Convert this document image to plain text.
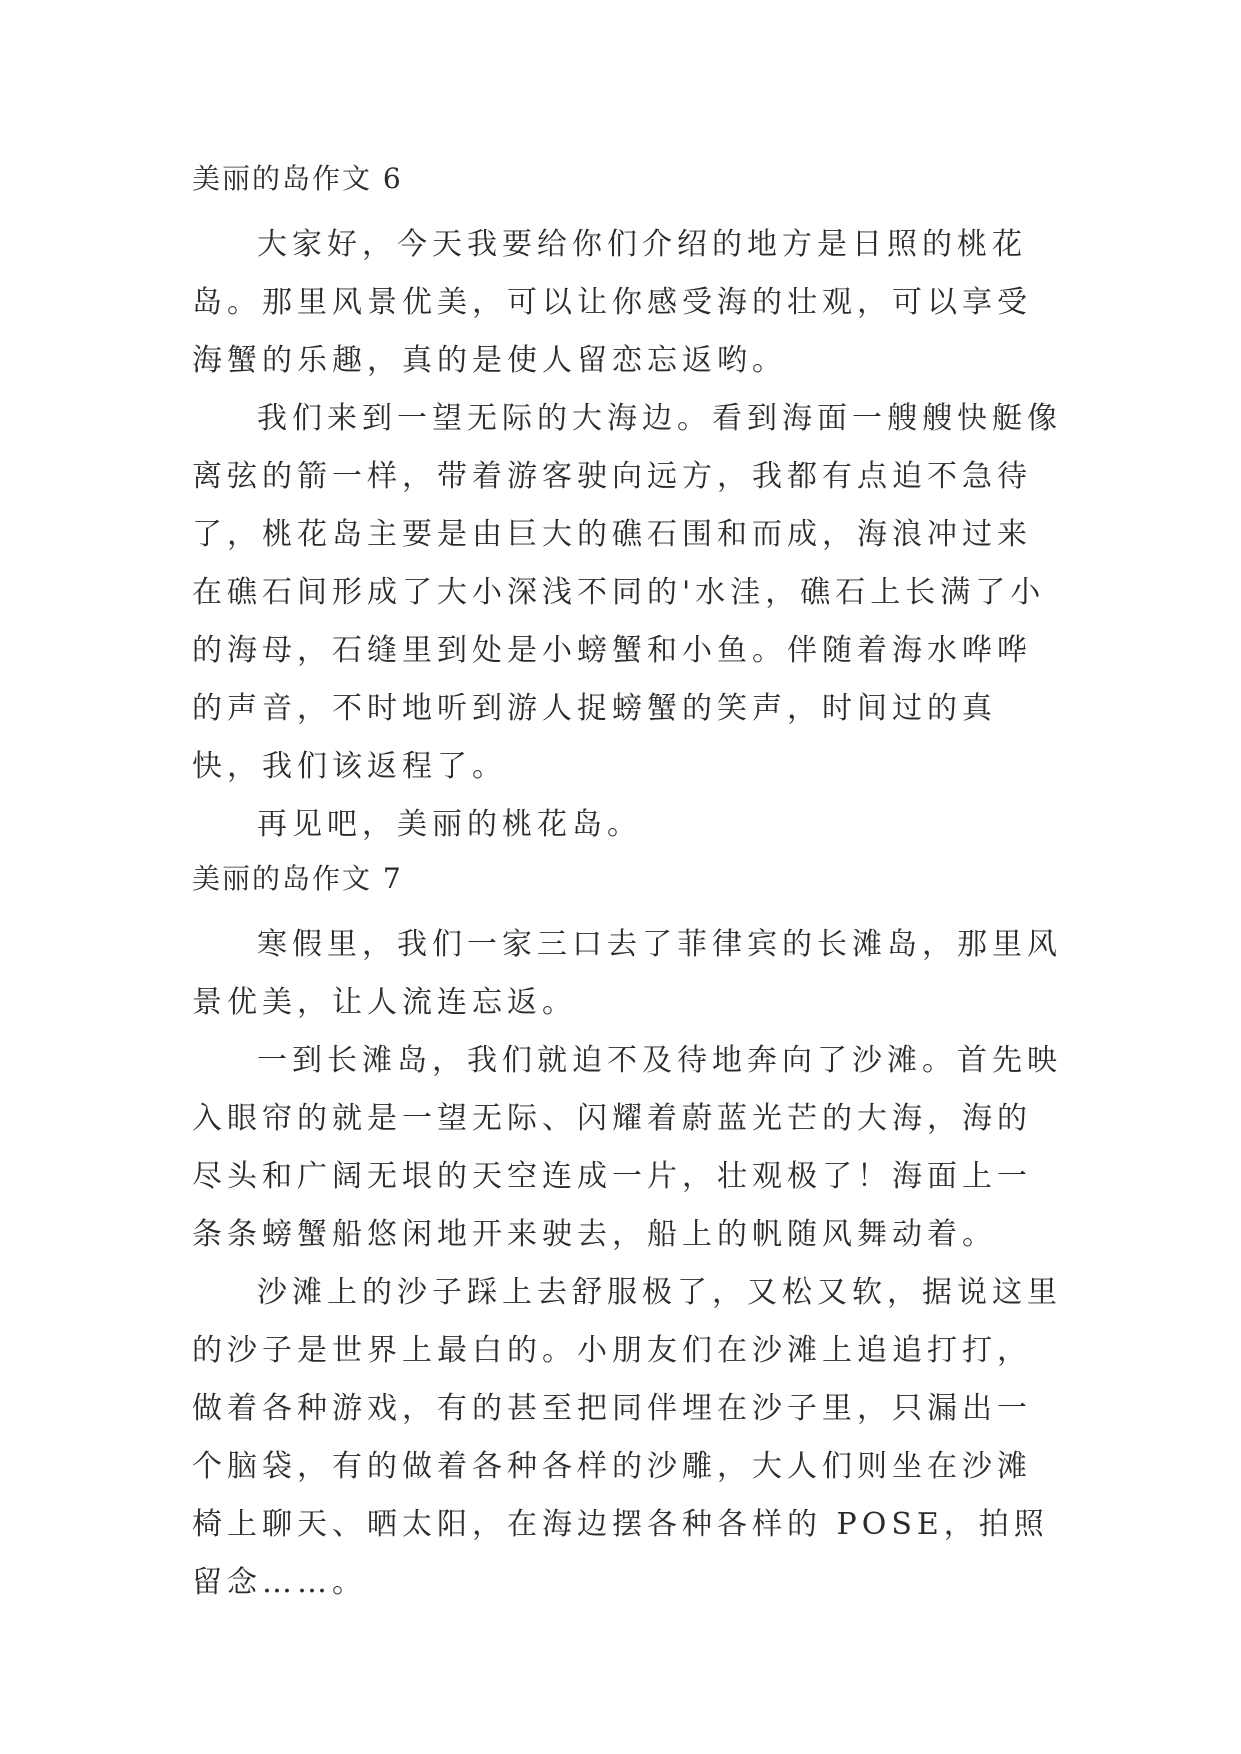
美丽的岛作文 6

大家好，今天我要给你们介绍的地方是日照的桃花岛。那里风景优美，可以让你感受海的壮观，可以享受海蟹的乐趣，真的是使人留恋忘返哟。

我们来到一望无际的大海边。看到海面一艘艘快艇像离弦的箭一样，带着游客驶向远方，我都有点迫不急待了，桃花岛主要是由巨大的礁石围和而成，海浪冲过来在礁石间形成了大小深浅不同的'水洼，礁石上长满了小的海母，石缝里到处是小螃蟹和小鱼。伴随着海水哗哗的声音，不时地听到游人捉螃蟹的笑声，时间过的真快，我们该返程了。

再见吧，美丽的桃花岛。

美丽的岛作文 7

寒假里，我们一家三口去了菲律宾的长滩岛，那里风景优美，让人流连忘返。

一到长滩岛，我们就迫不及待地奔向了沙滩。首先映入眼帘的就是一望无际、闪耀着蔚蓝光芒的大海，海的尽头和广阔无垠的天空连成一片，壮观极了！海面上一条条螃蟹船悠闲地开来驶去，船上的帆随风舞动着。

沙滩上的沙子踩上去舒服极了，又松又软，据说这里的沙子是世界上最白的。小朋友们在沙滩上追追打打，做着各种游戏，有的甚至把同伴埋在沙子里，只漏出一个脑袋，有的做着各种各样的沙雕，大人们则坐在沙滩椅上聊天、晒太阳，在海边摆各种各样的 POSE，拍照留念……。
